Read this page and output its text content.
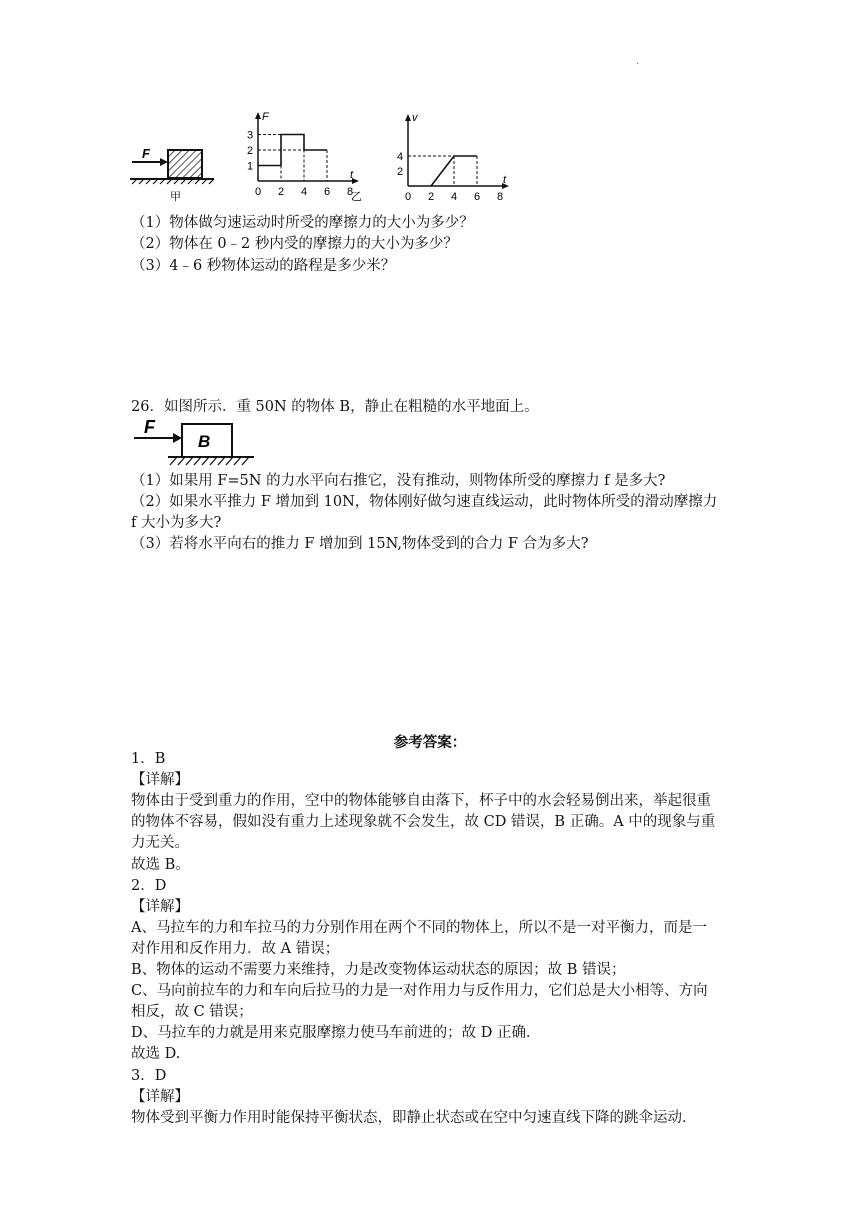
.
F
甲
F
t
0 2 4 6 8
1
2
3
乙
v
t
0 2 4 6 8
2
4
（1）物体做匀速运动时所受的摩擦力的大小为多少？
（2）物体在 0﹣2 秒内受的摩擦力的大小为多少？
（3）4﹣6 秒物体运动的路程是多少米？
26．如图所示．重 50N 的物体 B，静止在粗糙的水平地面上。
F
B
（1）如果用 F=5N 的力水平向右推它，没有推动，则物体所受的摩擦力 f 是多大?
（2）如果水平推力 F 增加到 10N，物体刚好做匀速直线运动，此时物体所受的滑动摩擦力
f 大小为多大?
（3）若将水平向右的推力 F 增加到 15N,物体受到的合力 F 合为多大?
参考答案：
1．B
【详解】
物体由于受到重力的作用，空中的物体能够自由落下，杯子中的水会轻易倒出来，举起很重
的物体不容易，假如没有重力上述现象就不会发生，故 CD 错误，B 正确。A 中的现象与重
力无关。
故选 B。
2．D
【详解】
A、马拉车的力和车拉马的力分别作用在两个不同的物体上，所以不是一对平衡力，而是一
对作用和反作用力．故 A 错误；
B、物体的运动不需要力来维持，力是改变物体运动状态的原因；故 B 错误；
C、马向前拉车的力和车向后拉马的力是一对作用力与反作用力，它们总是大小相等、方向
相反，故 C 错误；
D、马拉车的力就是用来克服摩擦力使马车前进的；故 D 正确．
故选 D.
3．D
【详解】
物体受到平衡力作用时能保持平衡状态，即静止状态或在空中匀速直线下降的跳伞运动．
